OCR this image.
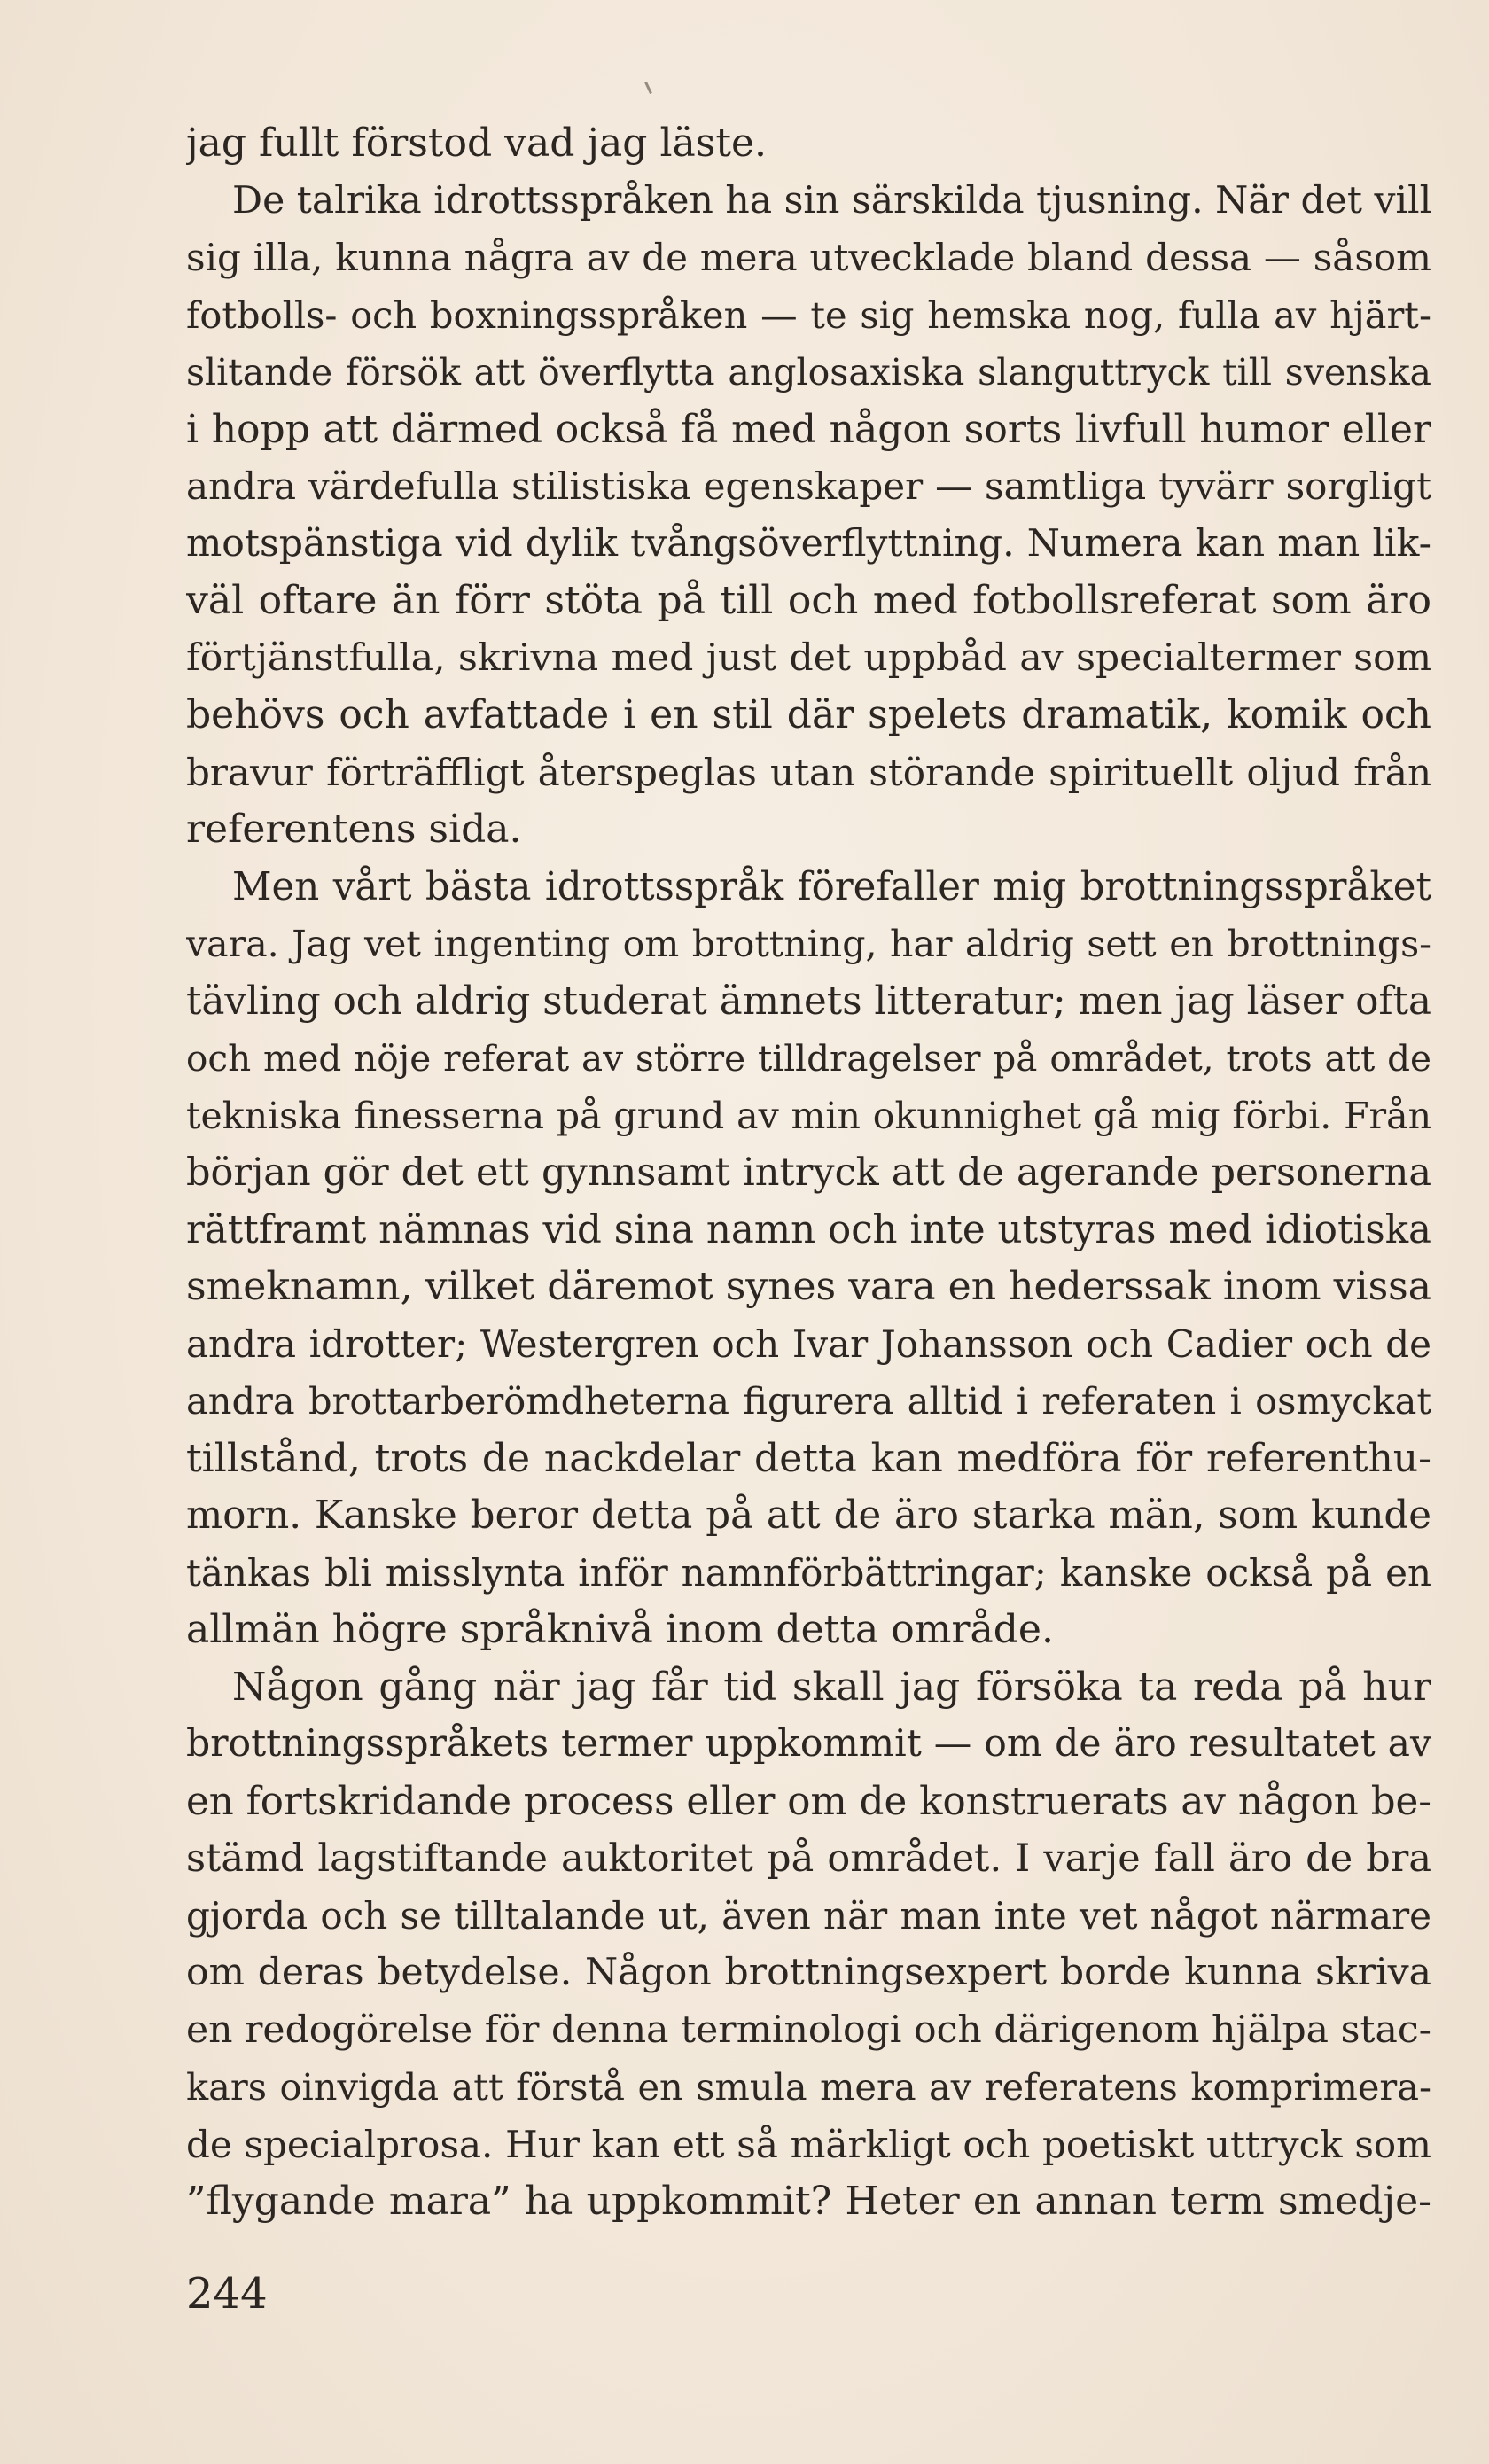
jag fullt förstod vad jag läste.
De talrika idrottsspråken ha sin särskilda tjusning. När det vill
sig illa, kunna några av de mera utvecklade bland dessa — såsom
fotbolls- och boxningsspråken — te sig hemska nog, fulla av hjärt-
slitande försök att överflytta anglosaxiska slanguttryck till svenska
i hopp att därmed också få med någon sorts livfull humor eller
andra värdefulla stilistiska egenskaper — samtliga tyvärr sorgligt
motspänstiga vid dylik tvångsöverflyttning. Numera kan man lik-
väl oftare än förr stöta på till och med fotbollsreferat som äro
förtjänstfulla, skrivna med just det uppbåd av specialtermer som
behövs och avfattade i en stil där spelets dramatik, komik och
bravur förträffligt återspeglas utan störande spirituellt oljud från
referentens sida.
Men vårt bästa idrottsspråk förefaller mig brottningsspråket
vara. Jag vet ingenting om brottning, har aldrig sett en brottnings-
tävling och aldrig studerat ämnets litteratur; men jag läser ofta
och med nöje referat av större tilldragelser på området, trots att de
tekniska finesserna på grund av min okunnighet gå mig förbi. Från
början gör det ett gynnsamt intryck att de agerande personerna
rättframt nämnas vid sina namn och inte utstyras med idiotiska
smeknamn, vilket däremot synes vara en hederssak inom vissa
andra idrotter; Westergren och Ivar Johansson och Cadier och de
andra brottarberömdheterna figurera alltid i referaten i osmyckat
tillstånd, trots de nackdelar detta kan medföra för referenthu-
morn. Kanske beror detta på att de äro starka män, som kunde
tänkas bli misslynta inför namnförbättringar; kanske också på en
allmän högre språknivå inom detta område.
Någon gång när jag får tid skall jag försöka ta reda på hur
brottningsspråkets termer uppkommit — om de äro resultatet av
en fortskridande process eller om de konstruerats av någon be-
stämd lagstiftande auktoritet på området. I varje fall äro de bra
gjorda och se tilltalande ut, även när man inte vet något närmare
om deras betydelse. Någon brottningsexpert borde kunna skriva
en redogörelse för denna terminologi och därigenom hjälpa stac-
kars oinvigda att förstå en smula mera av referatens komprimera-
de specialprosa. Hur kan ett så märkligt och poetiskt uttryck som
”flygande mara” ha uppkommit? Heter en annan term smedje-
244
